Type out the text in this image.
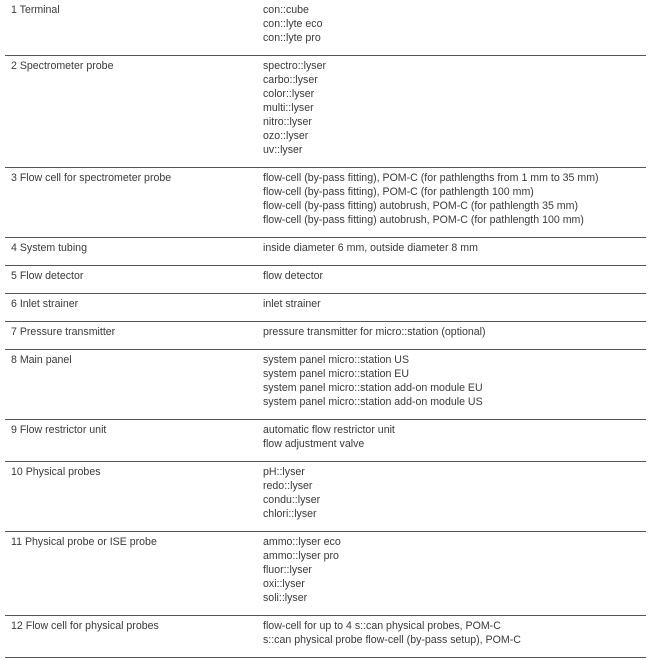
1 Terminal	con::cube
con::lyte eco
con::lyte pro
2 Spectrometer probe	spectro::lyser
carbo::lyser
color::lyser
multi::lyser
nitro::lyser
ozo::lyser
uv::lyser
3 Flow cell for spectrometer probe	flow-cell (by-pass fitting), POM-C (for pathlengths from 1 mm to 35 mm)
flow-cell (by-pass fitting), POM-C (for pathlength 100 mm)
flow-cell (by-pass fitting) autobrush, POM-C (for pathlength 35 mm)
flow-cell (by-pass fitting) autobrush, POM-C (for pathlength 100 mm)
4 System tubing	inside diameter 6 mm, outside diameter 8 mm
5 Flow detector	flow detector
6 Inlet strainer	inlet strainer
7 Pressure transmitter	pressure transmitter for micro::station (optional)
8 Main panel	system panel micro::station US
system panel micro::station EU
system panel micro::station add-on module EU
system panel micro::station add-on module US
9 Flow restrictor unit	automatic flow restrictor unit
flow adjustment valve
10 Physical probes	pH::lyser
redo::lyser
condu::lyser
chlori::lyser
11 Physical probe or ISE probe	ammo::lyser eco
ammo::lyser pro
fluor::lyser
oxi::lyser
soli::lyser
12 Flow cell for physical probes	flow-cell for up to 4 s::can physical probes, POM-C
s::can physical probe flow-cell (by-pass setup), POM-C
